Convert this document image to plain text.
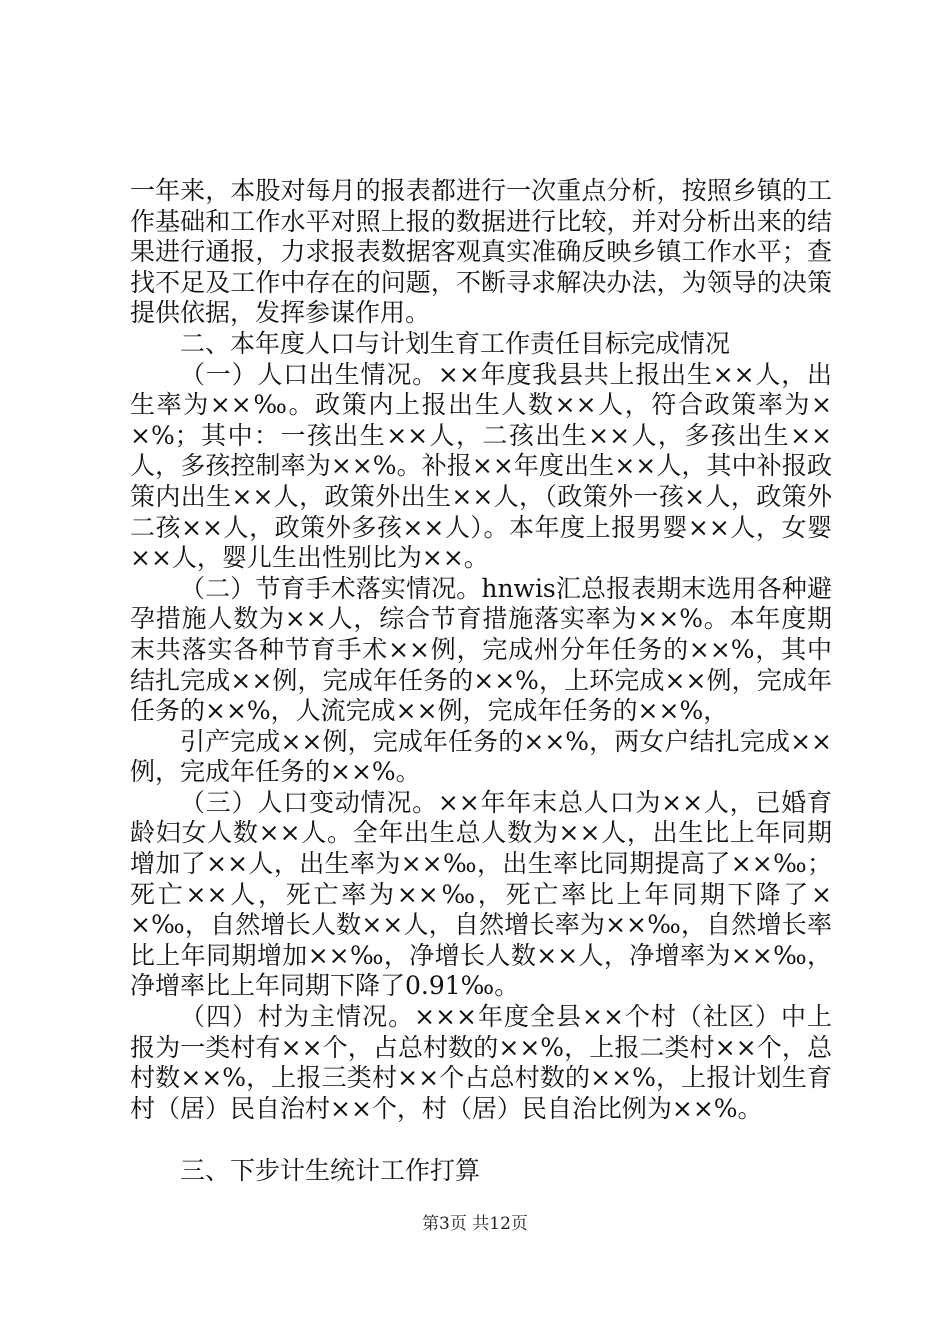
一年来，本股对每月的报表都进行一次重点分析，按照乡镇的工作基础和工作水平对照上报的数据进行比较，并对分析出来的结果进行通报，力求报表数据客观真实准确反映乡镇工作水平；查找不足及工作中存在的问题，不断寻求解决办法，为领导的决策提供依据，发挥参谋作用。

二、本年度人口与计划生育工作责任目标完成情况

（一）人口出生情况。××年度我县共上报出生××人，出生率为××‰。政策内上报出生人数××人，符合政策率为××%；其中：一孩出生××人，二孩出生××人，多孩出生××人，多孩控制率为××%。补报××年度出生××人，其中补报政策内出生××人，政策外出生××人，（政策外一孩×人，政策外二孩××人，政策外多孩××人）。本年度上报男婴××人，女婴××人，婴儿生出性别比为××。

（二）节育手术落实情况。hnwis汇总报表期末选用各种避孕措施人数为××人，综合节育措施落实率为××%。本年度期末共落实各种节育手术××例，完成州分年任务的××%，其中结扎完成××例，完成年任务的××%，上环完成××例，完成年任务的××%，人流完成××例，完成年任务的××%，

引产完成××例，完成年任务的××%，两女户结扎完成××例，完成年任务的××%。

（三）人口变动情况。××年年末总人口为××人，已婚育龄妇女人数××人。全年出生总人数为××人，出生比上年同期增加了××人，出生率为××‰，出生率比同期提高了××‰；死亡××人，死亡率为××‰，死亡率比上年同期下降了××‰，自然增长人数××人，自然增长率为××‰，自然增长率比上年同期增加××‰，净增长人数××人，净增率为××‰，净增率比上年同期下降了0.91‰。

（四）村为主情况。×××年度全县××个村（社区）中上报为一类村有××个，占总村数的××%，上报二类村××个，总村数××%，上报三类村××个占总村数的××%，上报计划生育村（居）民自治村××个，村（居）民自治比例为××%。

三、下步计生统计工作打算

第3页 共12页
